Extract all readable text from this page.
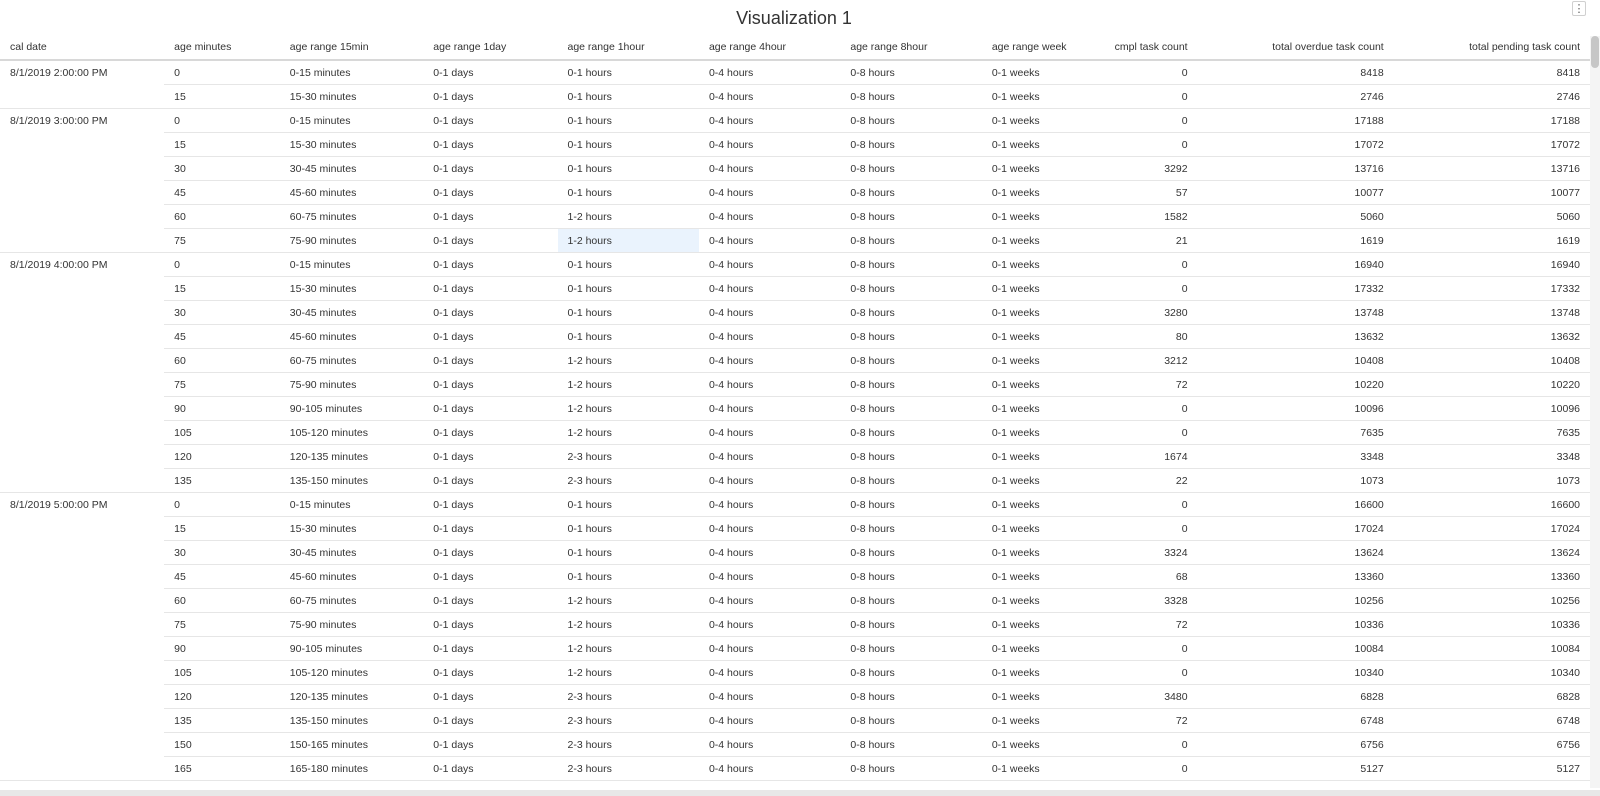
Visualization 1	⋮
cal date	age minutes	age range 15min	age range 1day	age range 1hour	age range 4hour	age range 8hour	age range week	cmpl task count	total overdue task count	total pending task count
8/1/2019 2:00:00 PM	0	0-15 minutes	0-1 days	0-1 hours	0-4 hours	0-8 hours	0-1 weeks	0	8418	8418
	15	15-30 minutes	0-1 days	0-1 hours	0-4 hours	0-8 hours	0-1 weeks	0	2746	2746
8/1/2019 3:00:00 PM	0	0-15 minutes	0-1 days	0-1 hours	0-4 hours	0-8 hours	0-1 weeks	0	17188	17188
	15	15-30 minutes	0-1 days	0-1 hours	0-4 hours	0-8 hours	0-1 weeks	0	17072	17072
	30	30-45 minutes	0-1 days	0-1 hours	0-4 hours	0-8 hours	0-1 weeks	3292	13716	13716
	45	45-60 minutes	0-1 days	0-1 hours	0-4 hours	0-8 hours	0-1 weeks	57	10077	10077
	60	60-75 minutes	0-1 days	1-2 hours	0-4 hours	0-8 hours	0-1 weeks	1582	5060	5060
	75	75-90 minutes	0-1 days	1-2 hours	0-4 hours	0-8 hours	0-1 weeks	21	1619	1619
8/1/2019 4:00:00 PM	0	0-15 minutes	0-1 days	0-1 hours	0-4 hours	0-8 hours	0-1 weeks	0	16940	16940
	15	15-30 minutes	0-1 days	0-1 hours	0-4 hours	0-8 hours	0-1 weeks	0	17332	17332
	30	30-45 minutes	0-1 days	0-1 hours	0-4 hours	0-8 hours	0-1 weeks	3280	13748	13748
	45	45-60 minutes	0-1 days	0-1 hours	0-4 hours	0-8 hours	0-1 weeks	80	13632	13632
	60	60-75 minutes	0-1 days	1-2 hours	0-4 hours	0-8 hours	0-1 weeks	3212	10408	10408
	75	75-90 minutes	0-1 days	1-2 hours	0-4 hours	0-8 hours	0-1 weeks	72	10220	10220
	90	90-105 minutes	0-1 days	1-2 hours	0-4 hours	0-8 hours	0-1 weeks	0	10096	10096
	105	105-120 minutes	0-1 days	1-2 hours	0-4 hours	0-8 hours	0-1 weeks	0	7635	7635
	120	120-135 minutes	0-1 days	2-3 hours	0-4 hours	0-8 hours	0-1 weeks	1674	3348	3348
	135	135-150 minutes	0-1 days	2-3 hours	0-4 hours	0-8 hours	0-1 weeks	22	1073	1073
8/1/2019 5:00:00 PM	0	0-15 minutes	0-1 days	0-1 hours	0-4 hours	0-8 hours	0-1 weeks	0	16600	16600
	15	15-30 minutes	0-1 days	0-1 hours	0-4 hours	0-8 hours	0-1 weeks	0	17024	17024
	30	30-45 minutes	0-1 days	0-1 hours	0-4 hours	0-8 hours	0-1 weeks	3324	13624	13624
	45	45-60 minutes	0-1 days	0-1 hours	0-4 hours	0-8 hours	0-1 weeks	68	13360	13360
	60	60-75 minutes	0-1 days	1-2 hours	0-4 hours	0-8 hours	0-1 weeks	3328	10256	10256
	75	75-90 minutes	0-1 days	1-2 hours	0-4 hours	0-8 hours	0-1 weeks	72	10336	10336
	90	90-105 minutes	0-1 days	1-2 hours	0-4 hours	0-8 hours	0-1 weeks	0	10084	10084
	105	105-120 minutes	0-1 days	1-2 hours	0-4 hours	0-8 hours	0-1 weeks	0	10340	10340
	120	120-135 minutes	0-1 days	2-3 hours	0-4 hours	0-8 hours	0-1 weeks	3480	6828	6828
	135	135-150 minutes	0-1 days	2-3 hours	0-4 hours	0-8 hours	0-1 weeks	72	6748	6748
	150	150-165 minutes	0-1 days	2-3 hours	0-4 hours	0-8 hours	0-1 weeks	0	6756	6756
	165	165-180 minutes	0-1 days	2-3 hours	0-4 hours	0-8 hours	0-1 weeks	0	5127	5127
